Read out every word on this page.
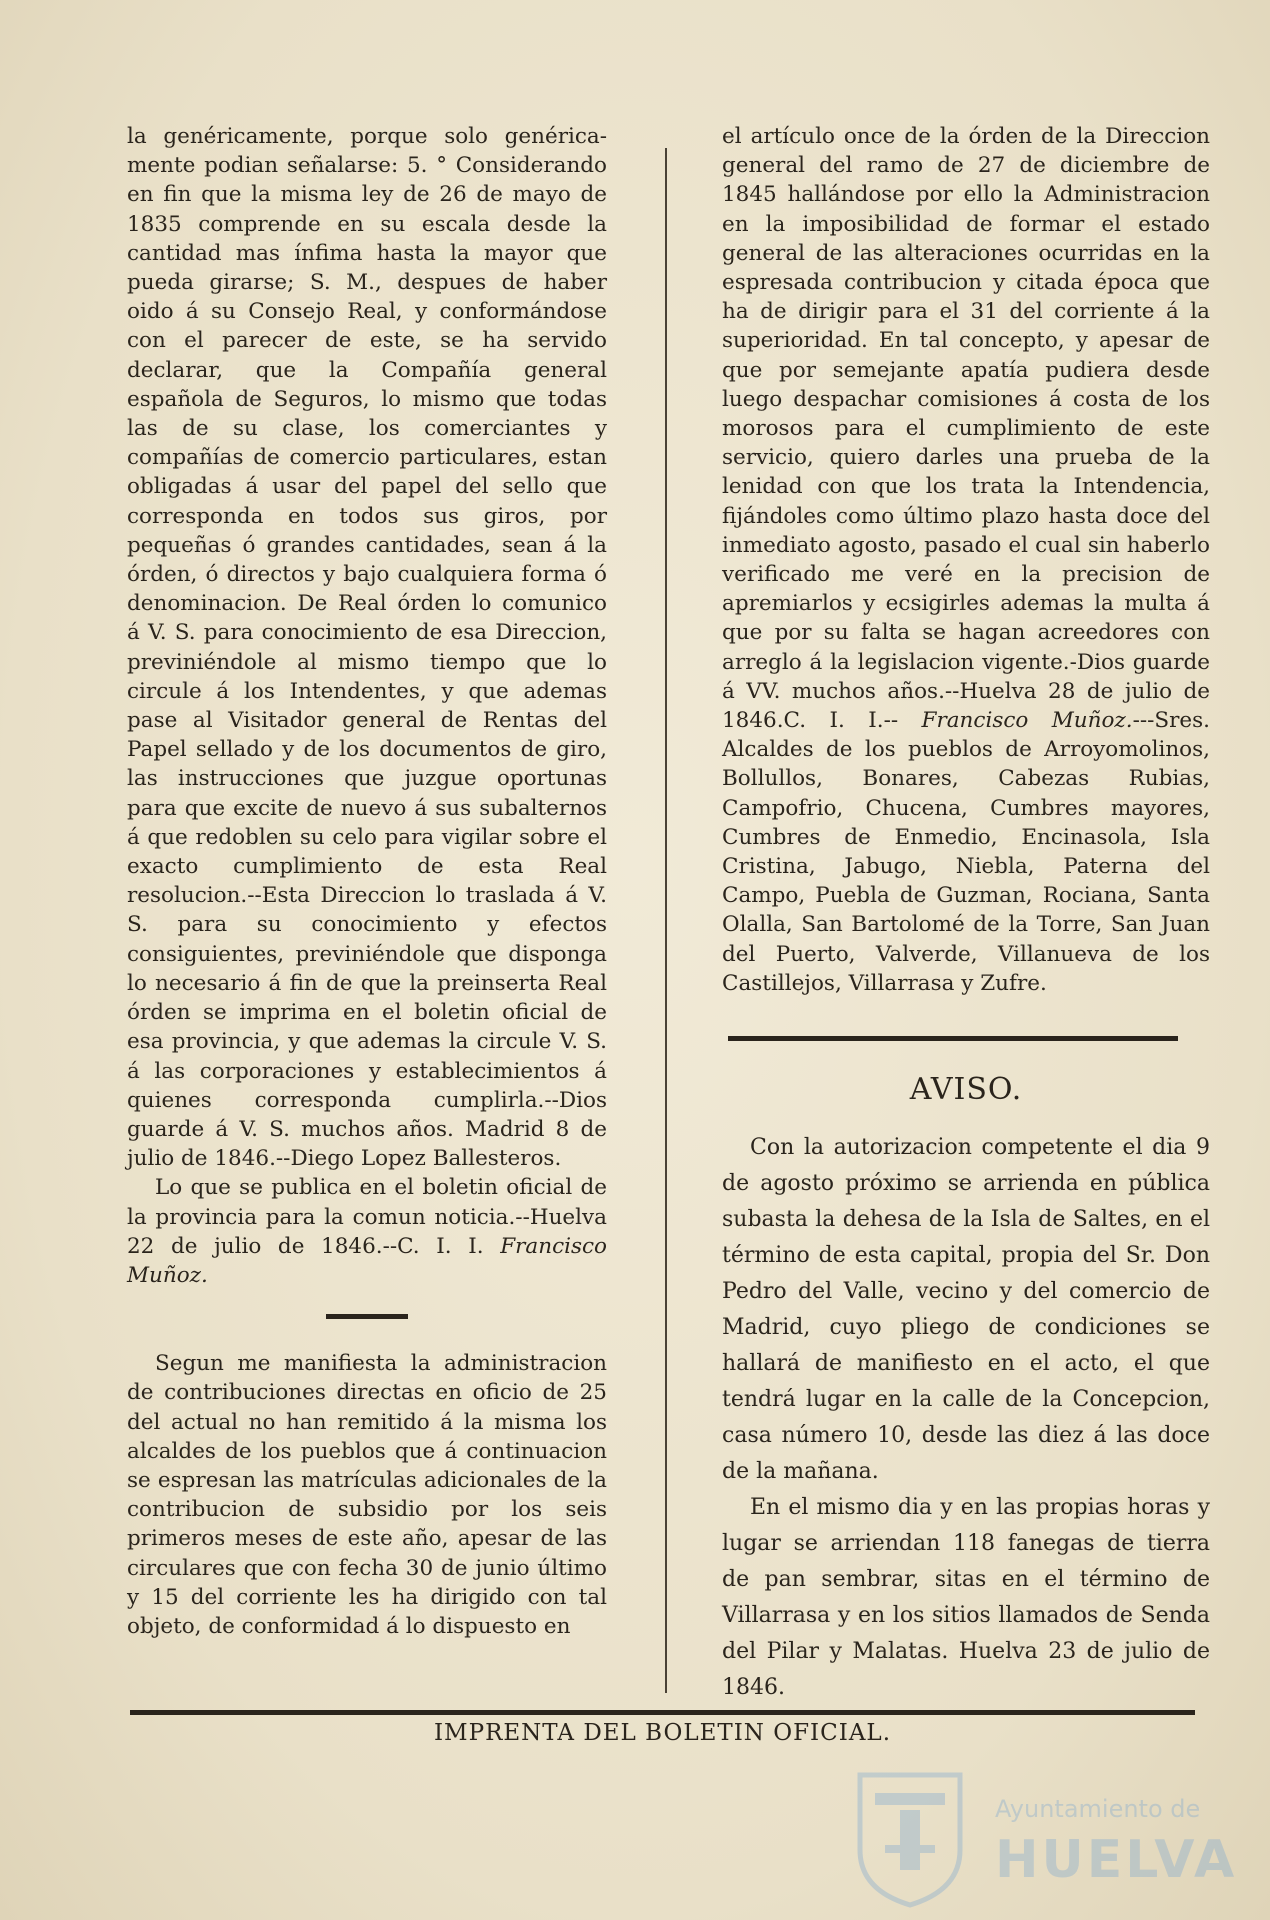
la genéricamente, porque solo genérica-mente podian señalarse: 5. ° Considerando en fin que la misma ley de 26 de mayo de 1835 comprende en su escala desde la cantidad mas ínfima hasta la mayor que pueda girarse; S. M., despues de haber oido á su Consejo Real, y conformándose con el parecer de este, se ha servido declarar, que la Compañía general española de Seguros, lo mismo que todas las de su clase, los comerciantes y compañías de comercio particulares, estan obligadas á usar del papel del sello que corresponda en todos sus giros, por pequeñas ó grandes cantidades, sean á la órden, ó directos y bajo cualquiera forma ó denominacion. De Real órden lo comunico á V. S. para conocimiento de esa Direccion, previniéndole al mismo tiempo que lo circule á los Intendentes, y que ademas pase al Visitador general de Rentas del Papel sellado y de los documentos de giro, las instrucciones que juzgue oportunas para que excite de nuevo á sus subalternos á que redoblen su celo para vigilar sobre el exacto cumplimiento de esta Real resolucion.--Esta Direccion lo traslada á V. S. para su conocimiento y efectos consiguientes, previniéndole que disponga lo necesario á fin de que la preinserta Real órden se imprima en el boletin oficial de esa provincia, y que ademas la circule V. S. á las corporaciones y establecimientos á quienes corresponda cumplirla.--Dios guarde á V. S. muchos años. Madrid 8 de julio de 1846.--Diego Lopez Ballesteros.

Lo que se publica en el boletin oficial de la provincia para la comun noticia.--Huelva 22 de julio de 1846.--C. I. I. Francisco Muñoz.

Segun me manifiesta la administracion de contribuciones directas en oficio de 25 del actual no han remitido á la misma los alcaldes de los pueblos que á continuacion se espresan las matrículas adicionales de la contribucion de subsidio por los seis primeros meses de este año, apesar de las circulares que con fecha 30 de junio último y 15 del corriente les ha dirigido con tal objeto, de conformidad á lo dispuesto en

el artículo once de la órden de la Direccion general del ramo de 27 de diciembre de 1845 hallándose por ello la Administracion en la imposibilidad de formar el estado general de las alteraciones ocurridas en la espresada contribucion y citada época que ha de dirigir para el 31 del corriente á la superioridad. En tal concepto, y apesar de que por semejante apatía pudiera desde luego despachar comisiones á costa de los morosos para el cumplimiento de este servicio, quiero darles una prueba de la lenidad con que los trata la Intendencia, fijándoles como último plazo hasta doce del inmediato agosto, pasado el cual sin haberlo verificado me veré en la precision de apremiarlos y ecsigirles ademas la multa á que por su falta se hagan acreedores con arreglo á la legislacion vigente.-Dios guarde á VV. muchos años.--Huelva 28 de julio de 1846.C. I. I.-- Francisco Muñoz.---Sres. Alcaldes de los pueblos de Arroyomolinos, Bollullos, Bonares, Cabezas Rubias, Campofrio, Chucena, Cumbres mayores, Cumbres de Enmedio, Encinasola, Isla Cristina, Jabugo, Niebla, Paterna del Campo, Puebla de Guzman, Rociana, Santa Olalla, San Bartolomé de la Torre, San Juan del Puerto, Valverde, Villanueva de los Castillejos, Villarrasa y Zufre.

AVISO.

Con la autorizacion competente el dia 9 de agosto próximo se arrienda en pública subasta la dehesa de la Isla de Saltes, en el término de esta capital, propia del Sr. Don Pedro del Valle, vecino y del comercio de Madrid, cuyo pliego de condiciones se hallará de manifiesto en el acto, el que tendrá lugar en la calle de la Concepcion, casa número 10, desde las diez á las doce de la mañana.

En el mismo dia y en las propias horas y lugar se arriendan 118 fanegas de tierra de pan sembrar, sitas en el término de Villarrasa y en los sitios llamados de Senda del Pilar y Malatas. Huelva 23 de julio de 1846.

IMPRENTA DEL BOLETIN OFICIAL.
Ayuntamiento de
HUELVA
